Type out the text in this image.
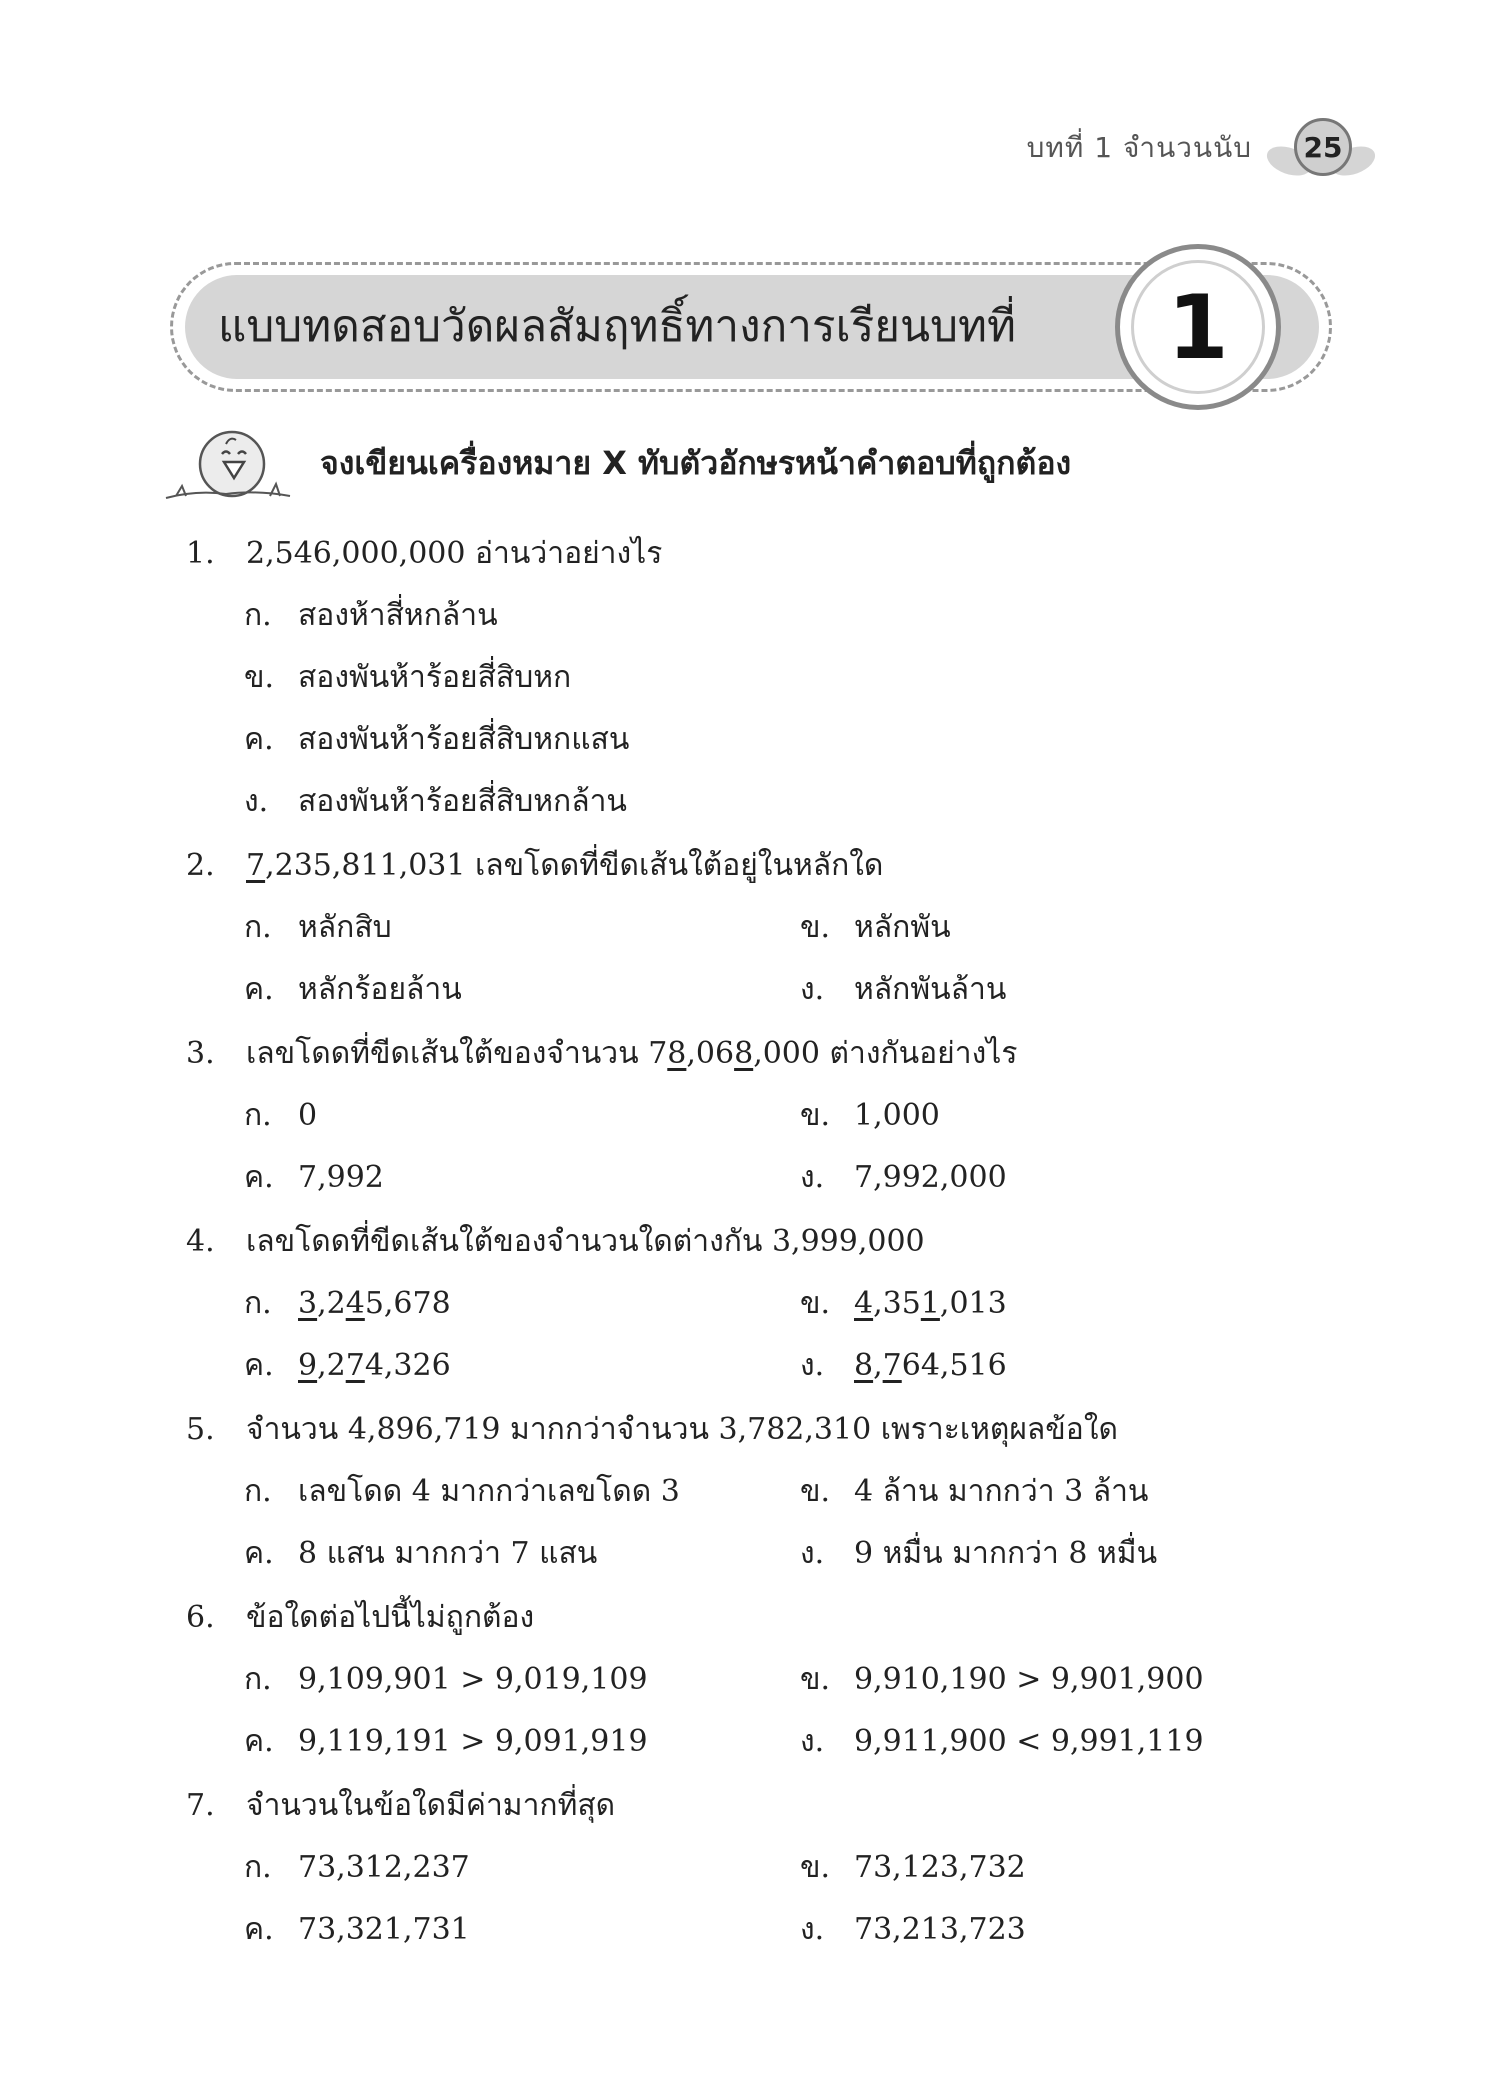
บทที่ 1 จำนวนนับ	25
แบบทดสอบวัดผลสัมฤทธิ์ทางการเรียนบทที่	1
จงเขียนเครื่องหมาย X ทับตัวอักษรหน้าคำตอบที่ถูกต้อง
1. 2,546,000,000 อ่านว่าอย่างไร
ก. สองห้าสี่หกล้าน
ข. สองพันห้าร้อยสี่สิบหก
ค. สองพันห้าร้อยสี่สิบหกแสน
ง. สองพันห้าร้อยสี่สิบหกล้าน
2. 7,235,811,031 เลขโดดที่ขีดเส้นใต้อยู่ในหลักใด
ก. หลักสิบ	ข. หลักพัน
ค. หลักร้อยล้าน	ง. หลักพันล้าน
3. เลขโดดที่ขีดเส้นใต้ของจำนวน 78,068,000 ต่างกันอย่างไร
ก. 0	ข. 1,000
ค. 7,992	ง. 7,992,000
4. เลขโดดที่ขีดเส้นใต้ของจำนวนใดต่างกัน 3,999,000
ก. 3,245,678	ข. 4,351,013
ค. 9,274,326	ง. 8,764,516
5. จำนวน 4,896,719 มากกว่าจำนวน 3,782,310 เพราะเหตุผลข้อใด
ก. เลขโดด 4 มากกว่าเลขโดด 3	ข. 4 ล้าน มากกว่า 3 ล้าน
ค. 8 แสน มากกว่า 7 แสน	ง. 9 หมื่น มากกว่า 8 หมื่น
6. ข้อใดต่อไปนี้ไม่ถูกต้อง
ก. 9,109,901 > 9,019,109	ข. 9,910,190 > 9,901,900
ค. 9,119,191 > 9,091,919	ง. 9,911,900 < 9,991,119
7. จำนวนในข้อใดมีค่ามากที่สุด
ก. 73,312,237	ข. 73,123,732
ค. 73,321,731	ง. 73,213,723
